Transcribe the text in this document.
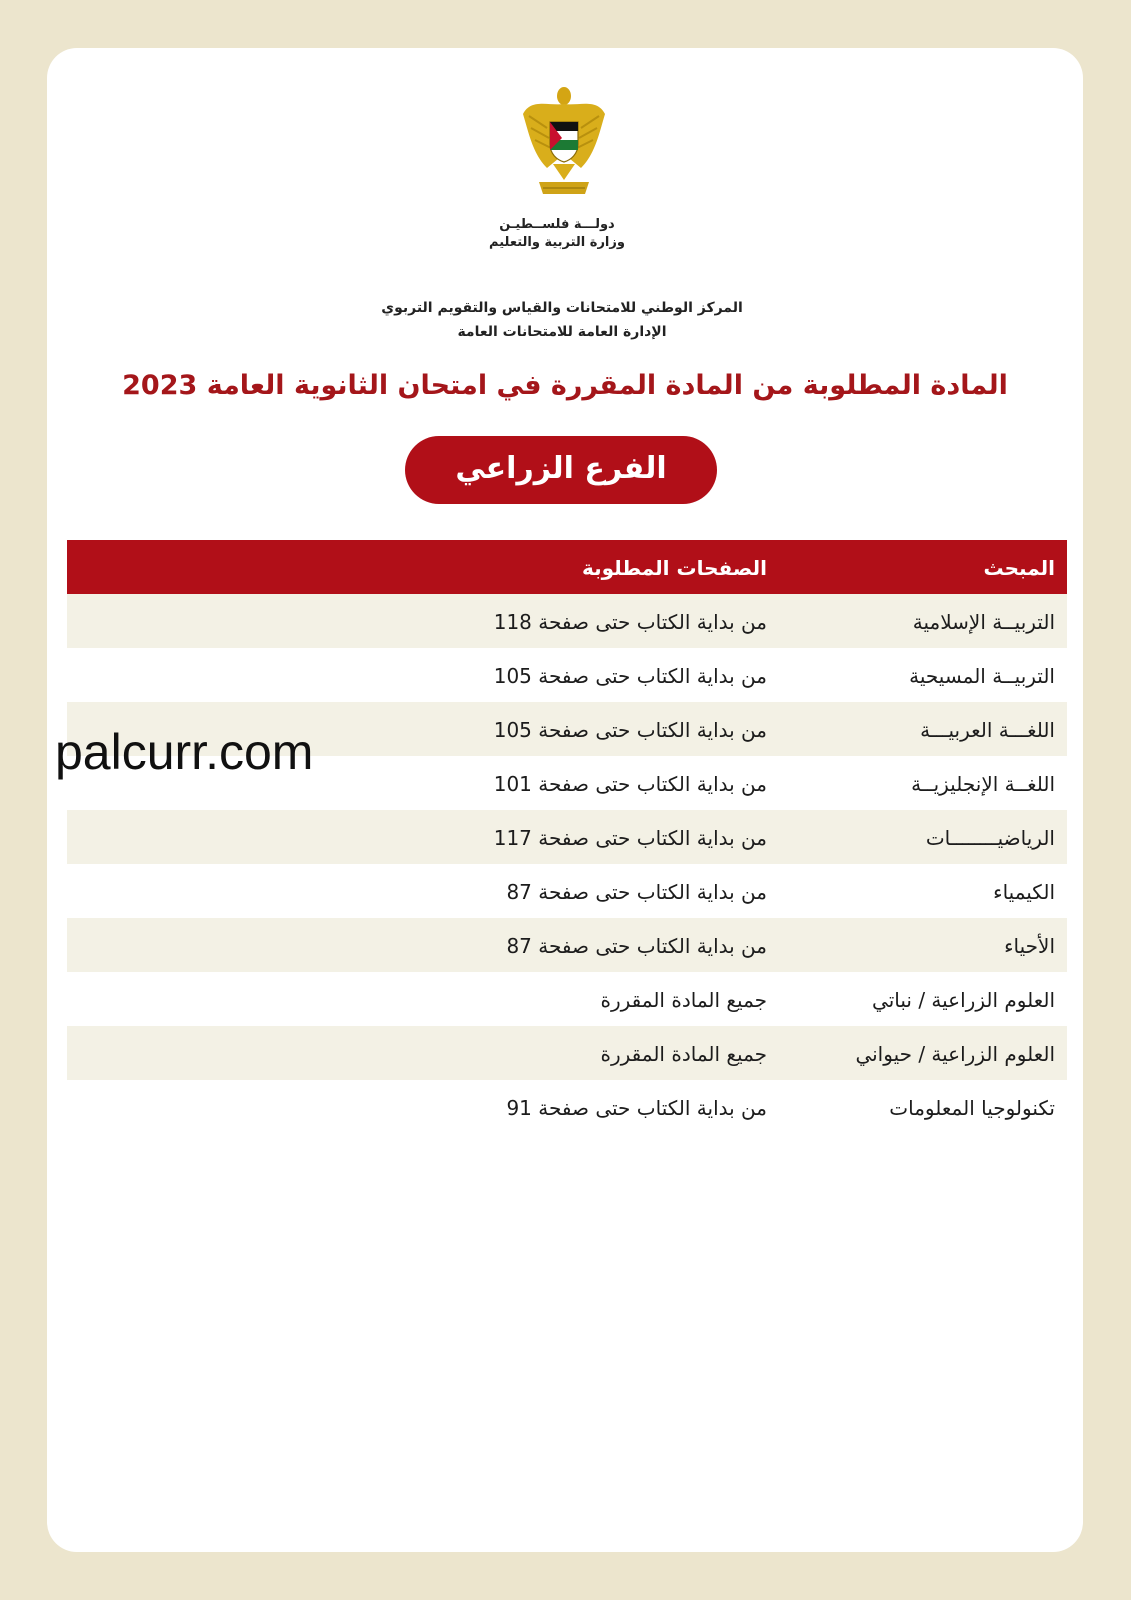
دولـــة فلســطيـن
وزارة التربية والتعليم
المركز الوطني للامتحانات والقياس والتقويم التربوي
الإدارة العامة للامتحانات العامة
المادة المطلوبة من المادة المقررة في امتحان الثانوية العامة 2023
الفرع الزراعي
المبحث
الصفحات المطلوبة
التربيــة الإسلامية
من بداية الكتاب حتى صفحة 118
التربيــة المسيحية
من بداية الكتاب حتى صفحة 105
اللغـــة العربيـــة
من بداية الكتاب حتى صفحة 105
اللغــة الإنجليزيــة
من بداية الكتاب حتى صفحة 101
الرياضيــــــــات
من بداية الكتاب حتى صفحة 117
الكيمياء
من بداية الكتاب حتى صفحة 87
الأحياء
من بداية الكتاب حتى صفحة 87
العلوم الزراعية / نباتي
جميع المادة المقررة
العلوم الزراعية / حيواني
جميع المادة المقررة
تكنولوجيا المعلومات
من بداية الكتاب حتى صفحة 91
palcurr.com
